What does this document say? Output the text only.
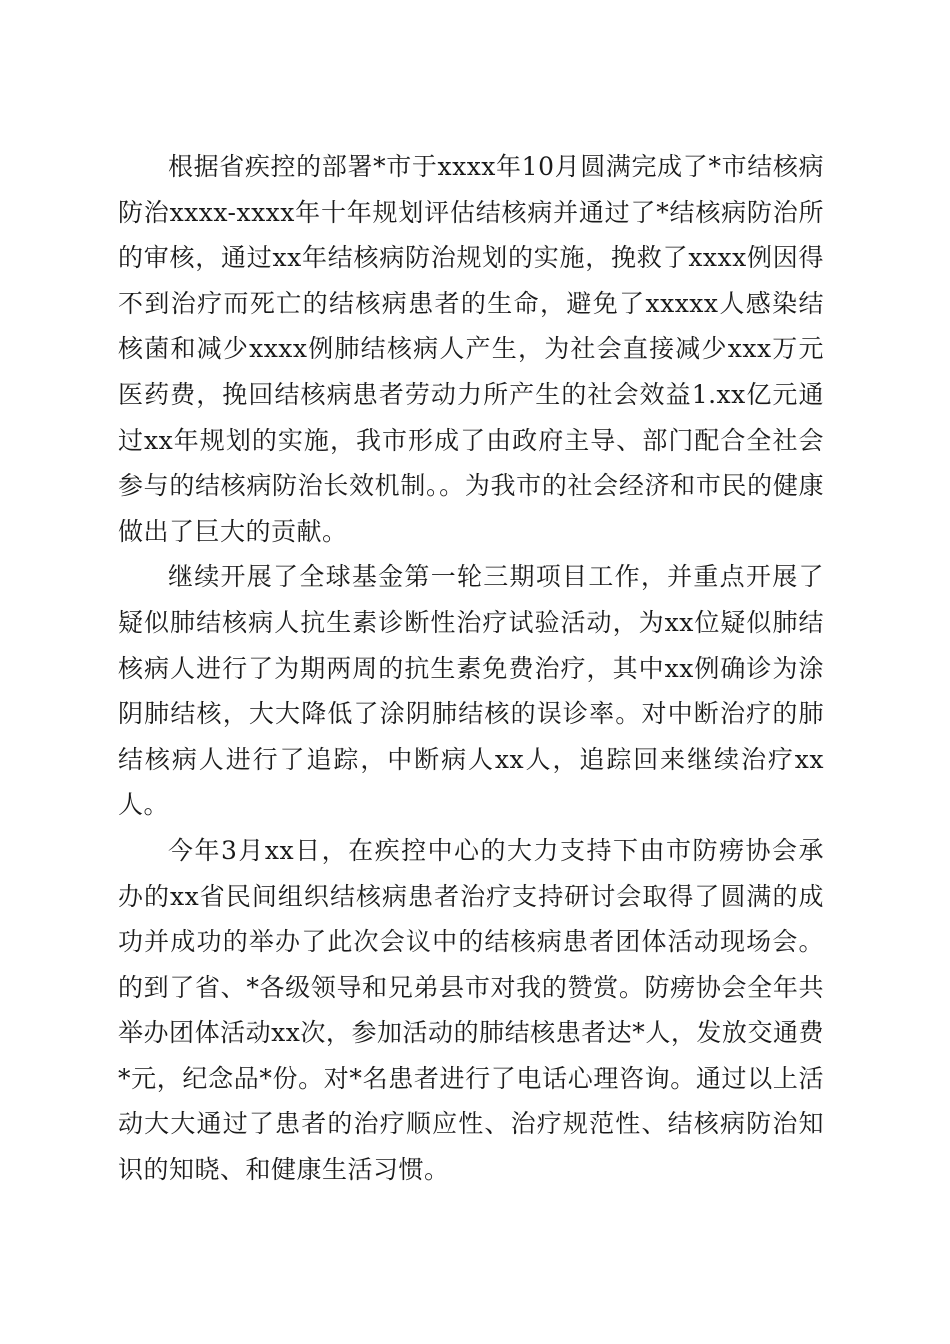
根据省疾控的部署*市于xxxx年10月圆满完成了*市结核病防治xxxx-xxxx年十年规划评估结核病并通过了*结核病防治所的审核，通过xx年结核病防治规划的实施，挽救了xxxx例因得不到治疗而死亡的结核病患者的生命，避免了xxxxx人感染结核菌和减少xxxx例肺结核病人产生，为社会直接减少xxx万元医药费，挽回结核病患者劳动力所产生的社会效益1.xx亿元通过xx年规划的实施，我市形成了由政府主导、部门配合全社会参与的结核病防治长效机制。。为我市的社会经济和市民的健康做出了巨大的贡献。

继续开展了全球基金第一轮三期项目工作，并重点开展了疑似肺结核病人抗生素诊断性治疗试验活动，为xx位疑似肺结核病人进行了为期两周的抗生素免费治疗，其中xx例确诊为涂阴肺结核，大大降低了涂阴肺结核的误诊率。对中断治疗的肺结核病人进行了追踪，中断病人xx人，追踪回来继续治疗xx人。

今年3月xx日，在疾控中心的大力支持下由市防痨协会承办的xx省民间组织结核病患者治疗支持研讨会取得了圆满的成功并成功的举办了此次会议中的结核病患者团体活动现场会。的到了省、*各级领导和兄弟县市对我的赞赏。防痨协会全年共举办团体活动xx次，参加活动的肺结核患者达*人，发放交通费*元，纪念品*份。对*名患者进行了电话心理咨询。通过以上活动大大通过了患者的治疗顺应性、治疗规范性、结核病防治知识的知晓、和健康生活习惯。
